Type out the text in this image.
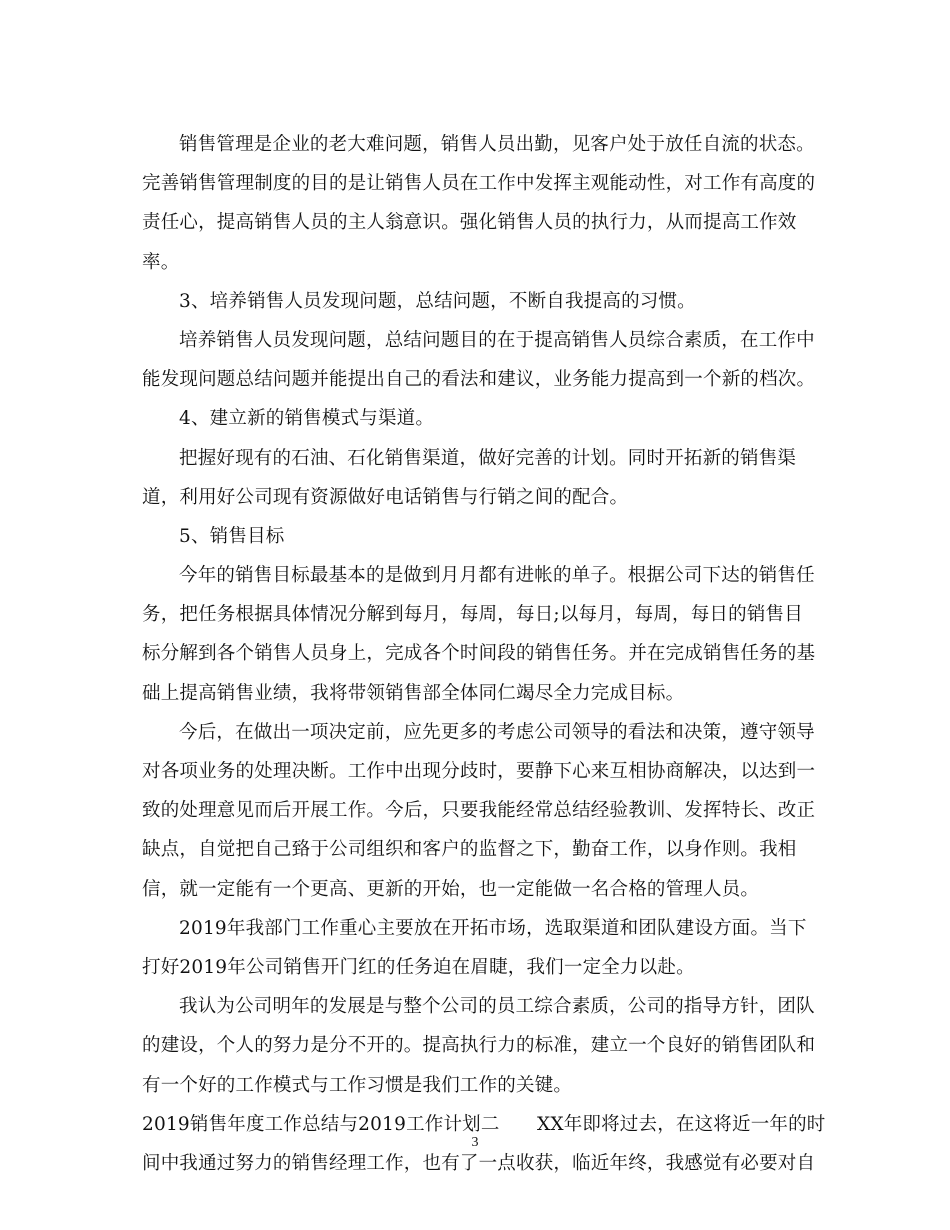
销售管理是企业的老大难问题，销售人员出勤，见客户处于放任自流的状态。
完善销售管理制度的目的是让销售人员在工作中发挥主观能动性，对工作有高度的
责任心，提高销售人员的主人翁意识。强化销售人员的执行力，从而提高工作效
率。
3、培养销售人员发现问题，总结问题，不断自我提高的习惯。
培养销售人员发现问题，总结问题目的在于提高销售人员综合素质，在工作中
能发现问题总结问题并能提出自己的看法和建议，业务能力提高到一个新的档次。
4、建立新的销售模式与渠道。
把握好现有的石油、石化销售渠道，做好完善的计划。同时开拓新的销售渠
道，利用好公司现有资源做好电话销售与行销之间的配合。
5、销售目标
今年的销售目标最基本的是做到月月都有进帐的单子。根据公司下达的销售任
务，把任务根据具体情况分解到每月，每周，每日;以每月，每周，每日的销售目
标分解到各个销售人员身上，完成各个时间段的销售任务。并在完成销售任务的基
础上提高销售业绩，我将带领销售部全体同仁竭尽全力完成目标。
今后，在做出一项决定前，应先更多的考虑公司领导的看法和决策，遵守领导
对各项业务的处理决断。工作中出现分歧时，要静下心来互相协商解决，以达到一
致的处理意见而后开展工作。今后，只要我能经常总结经验教训、发挥特长、改正
缺点，自觉把自己臵于公司组织和客户的监督之下，勤奋工作，以身作则。我相
信，就一定能有一个更高、更新的开始，也一定能做一名合格的管理人员。
2019年我部门工作重心主要放在开拓市场，选取渠道和团队建设方面。当下
打好2019年公司销售开门红的任务迫在眉睫，我们一定全力以赴。
我认为公司明年的发展是与整个公司的员工综合素质，公司的指导方针，团队
的建设，个人的努力是分不开的。提高执行力的标准，建立一个良好的销售团队和
有一个好的工作模式与工作习惯是我们工作的关键。
2019销售年度工作总结与2019工作计划二　　XX年即将过去，在这将近一年的时
间中我通过努力的销售经理工作，也有了一点收获，临近年终，我感觉有必要对自
3
